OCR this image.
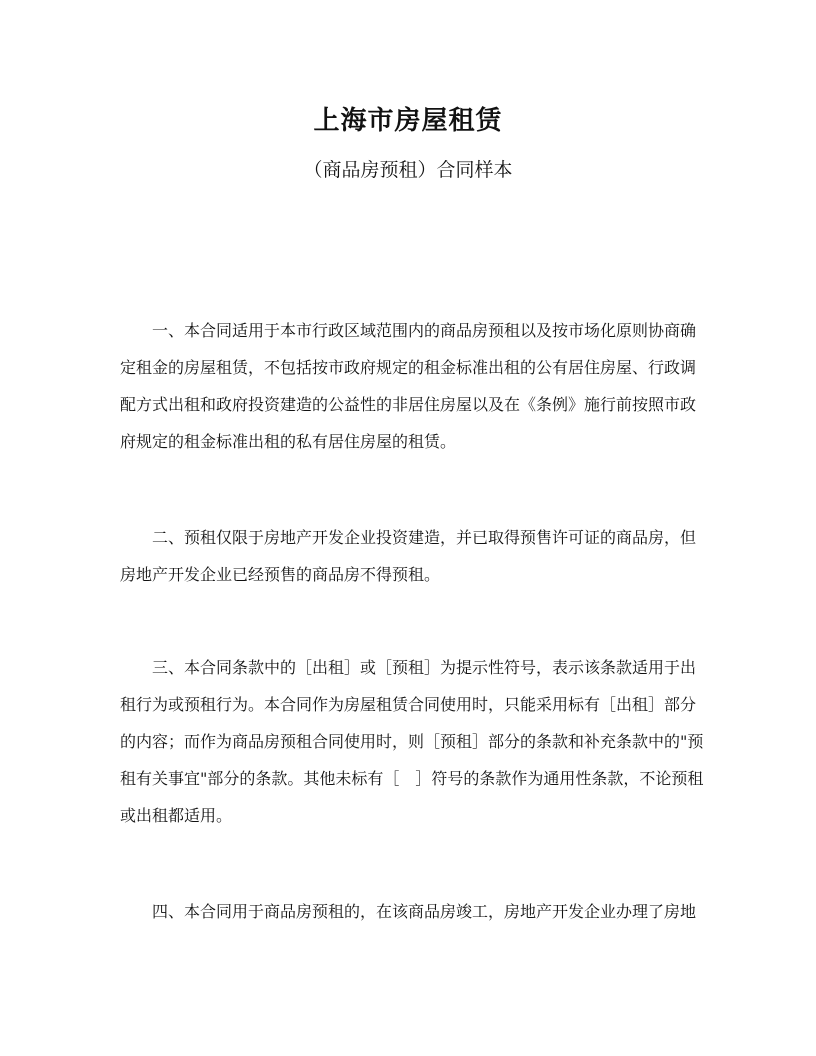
上海市房屋租赁
（商品房预租）合同样本
一、本合同适用于本市行政区域范围内的商品房预租以及按市场化原则协商确
定租金的房屋租赁，不包括按市政府规定的租金标准出租的公有居住房屋、行政调
配方式出租和政府投资建造的公益性的非居住房屋以及在《条例》施行前按照市政
府规定的租金标准出租的私有居住房屋的租赁。
二、预租仅限于房地产开发企业投资建造，并已取得预售许可证的商品房，但
房地产开发企业已经预售的商品房不得预租。
三、本合同条款中的［出租］或［预租］为提示性符号，表示该条款适用于出
租行为或预租行为。本合同作为房屋租赁合同使用时，只能采用标有［出租］部分
的内容；而作为商品房预租合同使用时，则［预租］部分的条款和补充条款中的"预
租有关事宜"部分的条款。其他未标有［　］符号的条款作为通用性条款，不论预租
或出租都适用。
四、本合同用于商品房预租的，在该商品房竣工，房地产开发企业办理了房地
